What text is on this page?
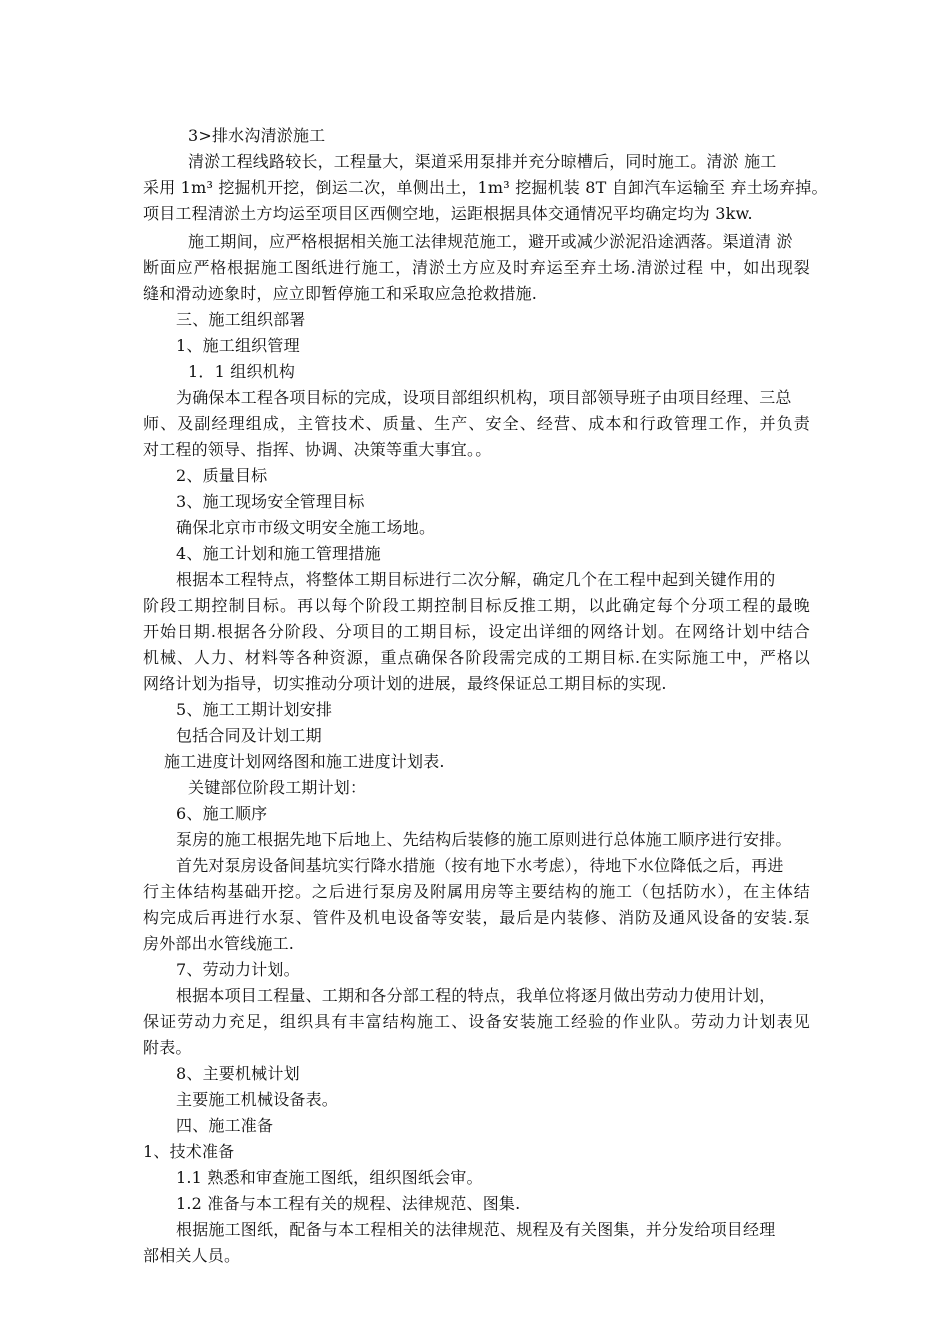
3>排水沟清淤施工
清淤工程线路较长，工程量大，渠道采用泵排并充分晾槽后，同时施工。清淤 施工
采用 1m³ 挖掘机开挖，倒运二次，单侧出土，1m³ 挖掘机装 8T 自卸汽车运输至 弃土场弃掉。
项目工程清淤土方均运至项目区西侧空地，运距根据具体交通情况平均确定均为 3kw.
施工期间，应严格根据相关施工法律规范施工，避开或减少淤泥沿途洒落。渠道清 淤
断面应严格根据施工图纸进行施工，清淤土方应及时弃运至弃土场.清淤过程 中，如出现裂
缝和滑动迹象时，应立即暂停施工和采取应急抢救措施.
三、施工组织部署
1、施工组织管理
1．1 组织机构
为确保本工程各项目标的完成，设项目部组织机构，项目部领导班子由项目经理、三总
师、及副经理组成，主管技术、质量、生产、安全、经营、成本和行政管理工作，并负责
对工程的领导、指挥、协调、决策等重大事宜。。
2、质量目标
3、施工现场安全管理目标
确保北京市市级文明安全施工场地。
4、施工计划和施工管理措施
根据本工程特点，将整体工期目标进行二次分解，确定几个在工程中起到关键作用的
阶段工期控制目标。再以每个阶段工期控制目标反推工期，以此确定每个分项工程的最晚
开始日期.根据各分阶段、分项目的工期目标，设定出详细的网络计划。在网络计划中结合
机械、人力、材料等各种资源，重点确保各阶段需完成的工期目标.在实际施工中，严格以
网络计划为指导，切实推动分项计划的进展，最终保证总工期目标的实现.
5、施工工期计划安排
包括合同及计划工期
施工进度计划网络图和施工进度计划表.
关键部位阶段工期计划：
6、施工顺序
泵房的施工根据先地下后地上、先结构后装修的施工原则进行总体施工顺序进行安排。
首先对泵房设备间基坑实行降水措施（按有地下水考虑），待地下水位降低之后，再进
行主体结构基础开挖。之后进行泵房及附属用房等主要结构的施工（包括防水），在主体结
构完成后再进行水泵、管件及机电设备等安装，最后是内装修、消防及通风设备的安装.泵
房外部出水管线施工.
7、劳动力计划。
根据本项目工程量、工期和各分部工程的特点，我单位将逐月做出劳动力使用计划，
保证劳动力充足，组织具有丰富结构施工、设备安装施工经验的作业队。劳动力计划表见
附表。
8、主要机械计划
主要施工机械设备表。
四、施工准备
1、技术准备
1.1 熟悉和审查施工图纸，组织图纸会审。
1.2 准备与本工程有关的规程、法律规范、图集.
根据施工图纸，配备与本工程相关的法律规范、规程及有关图集，并分发给项目经理
部相关人员。
